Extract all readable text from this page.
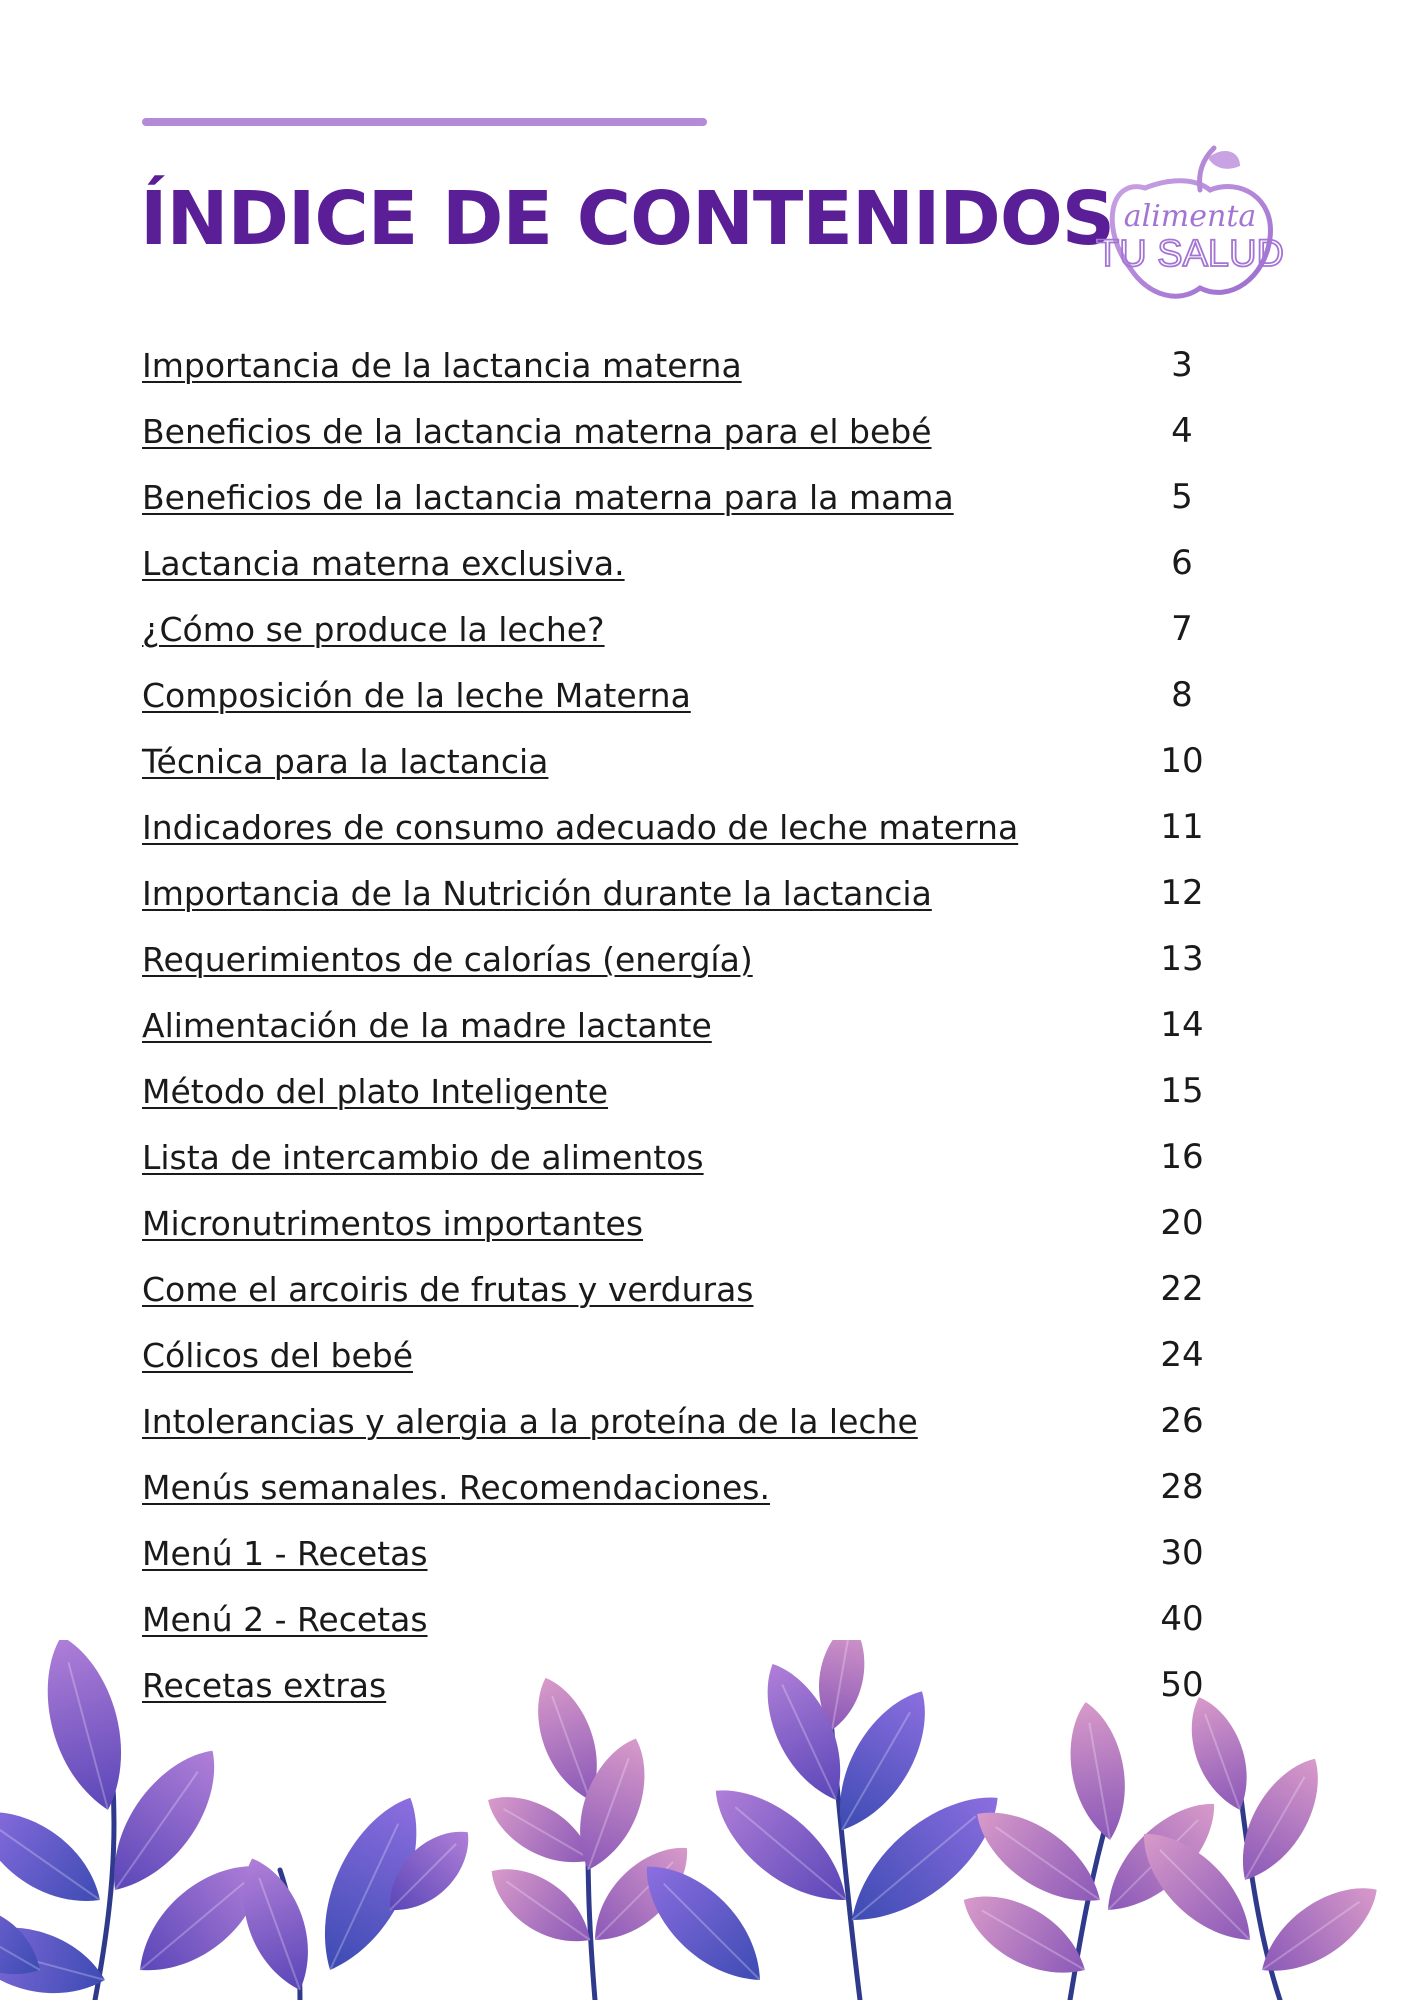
ÍNDICE DE CONTENIDOS alimenta
TU SALUD
Importancia de la lactancia materna	3
Beneficios de la lactancia materna para el bebé	4
Beneficios de la lactancia materna para la mama	5
Lactancia materna exclusiva.	6
¿Cómo se produce la leche?	7
Composición de la leche Materna	8
Técnica para la lactancia	10
Indicadores de consumo adecuado de leche materna	11
Importancia de la Nutrición durante la lactancia	12
Requerimientos de calorías (energía)	13
Alimentación de la madre lactante	14
Método del plato Inteligente	15
Lista de intercambio de alimentos	16
Micronutrimentos importantes	20
Come el arcoiris de frutas y verduras	22
Cólicos del bebé	24
Intolerancias y alergia a la proteína de la leche	26
Menús semanales. Recomendaciones.	28
Menú 1 - Recetas	30
Menú 2 - Recetas	40
Recetas extras	50
